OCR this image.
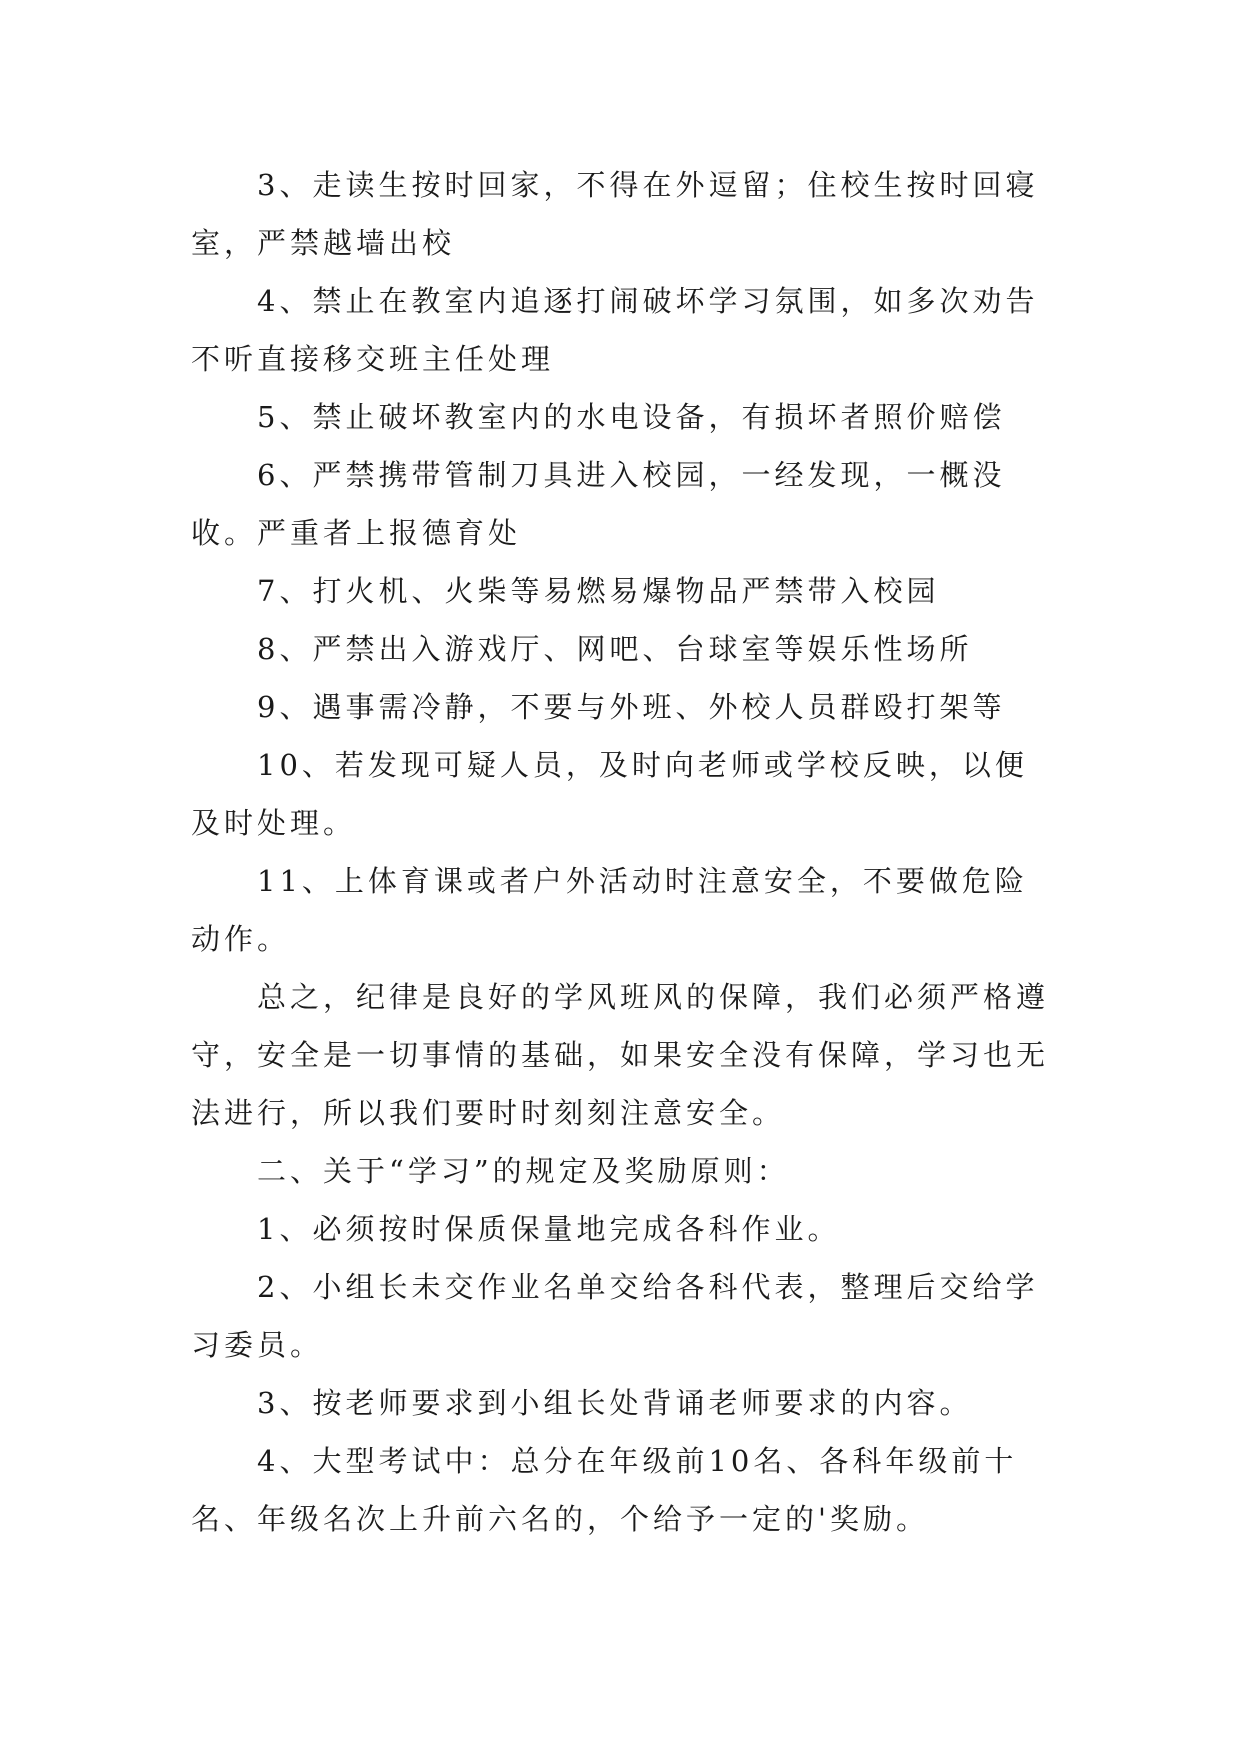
3、走读生按时回家，不得在外逗留；住校生按时回寝室，严禁越墙出校

4、禁止在教室内追逐打闹破坏学习氛围，如多次劝告不听直接移交班主任处理

5、禁止破坏教室内的水电设备，有损坏者照价赔偿

6、严禁携带管制刀具进入校园，一经发现，一概没收。严重者上报德育处

7、打火机、火柴等易燃易爆物品严禁带入校园

8、严禁出入游戏厅、网吧、台球室等娱乐性场所

9、遇事需冷静，不要与外班、外校人员群殴打架等

10、若发现可疑人员，及时向老师或学校反映，以便及时处理。

11、上体育课或者户外活动时注意安全，不要做危险动作。

总之，纪律是良好的学风班风的保障，我们必须严格遵守，安全是一切事情的基础，如果安全没有保障，学习也无法进行，所以我们要时时刻刻注意安全。

二、关于“学习”的规定及奖励原则：

1、必须按时保质保量地完成各科作业。

2、小组长未交作业名单交给各科代表，整理后交给学习委员。

3、按老师要求到小组长处背诵老师要求的内容。

4、大型考试中：总分在年级前10名、各科年级前十名、年级名次上升前六名的，个给予一定的'奖励。
